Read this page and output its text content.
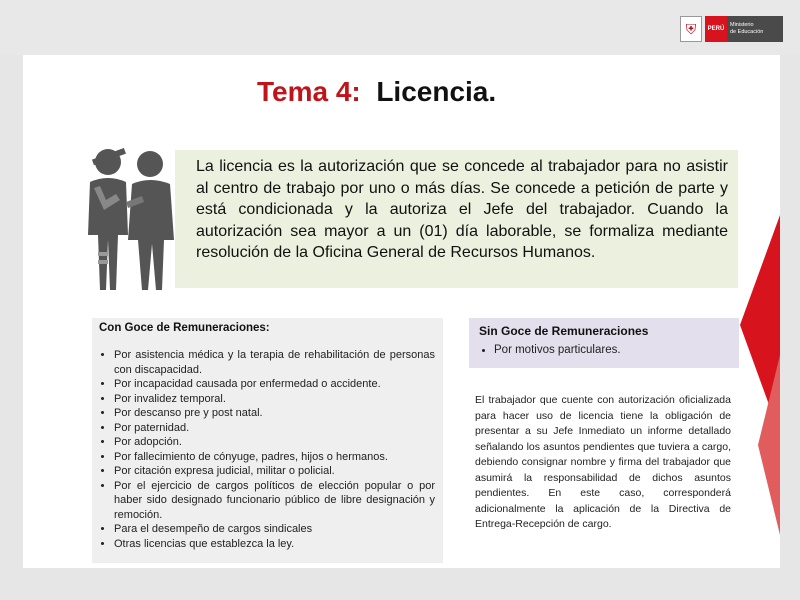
⛨	PERÚ
Ministerio
de Educación
Tema 4: Licencia.
La licencia es la autorización que se concede al trabajador para no asistir al centro de trabajo por uno o más días. Se concede a petición de parte y está condicionada y la autoriza el Jefe del trabajador. Cuando la autorización sea mayor a un (01) día laborable, se formaliza mediante resolución de la Oficina General de Recursos Humanos.
Con Goce de Remuneraciones:
• Por asistencia médica y la terapia de rehabilitación de personas con discapacidad.
• Por incapacidad causada por enfermedad o accidente.
• Por invalidez temporal.
• Por descanso pre y post natal.
• Por paternidad.
• Por adopción.
• Por fallecimiento de cónyuge, padres, hijos o hermanos.
• Por citación expresa judicial, militar o policial.
• Por el ejercicio de cargos políticos de elección popular o por haber sido designado funcionario público de libre designación y remoción.
• Para el desempeño de cargos sindicales
• Otras licencias que establezca la ley.
Sin Goce de Remuneraciones
• Por motivos particulares.
El trabajador que cuente con autorización oficializada para hacer uso de licencia tiene la obligación de presentar a su Jefe Inmediato un informe detallado señalando los asuntos pendientes que tuviera a cargo, debiendo consignar nombre y firma del trabajador que asumirá la responsabilidad de dichos asuntos pendientes. En este caso, corresponderá adicionalmente la aplicación de la Directiva de Entrega-Recepción de cargo.
